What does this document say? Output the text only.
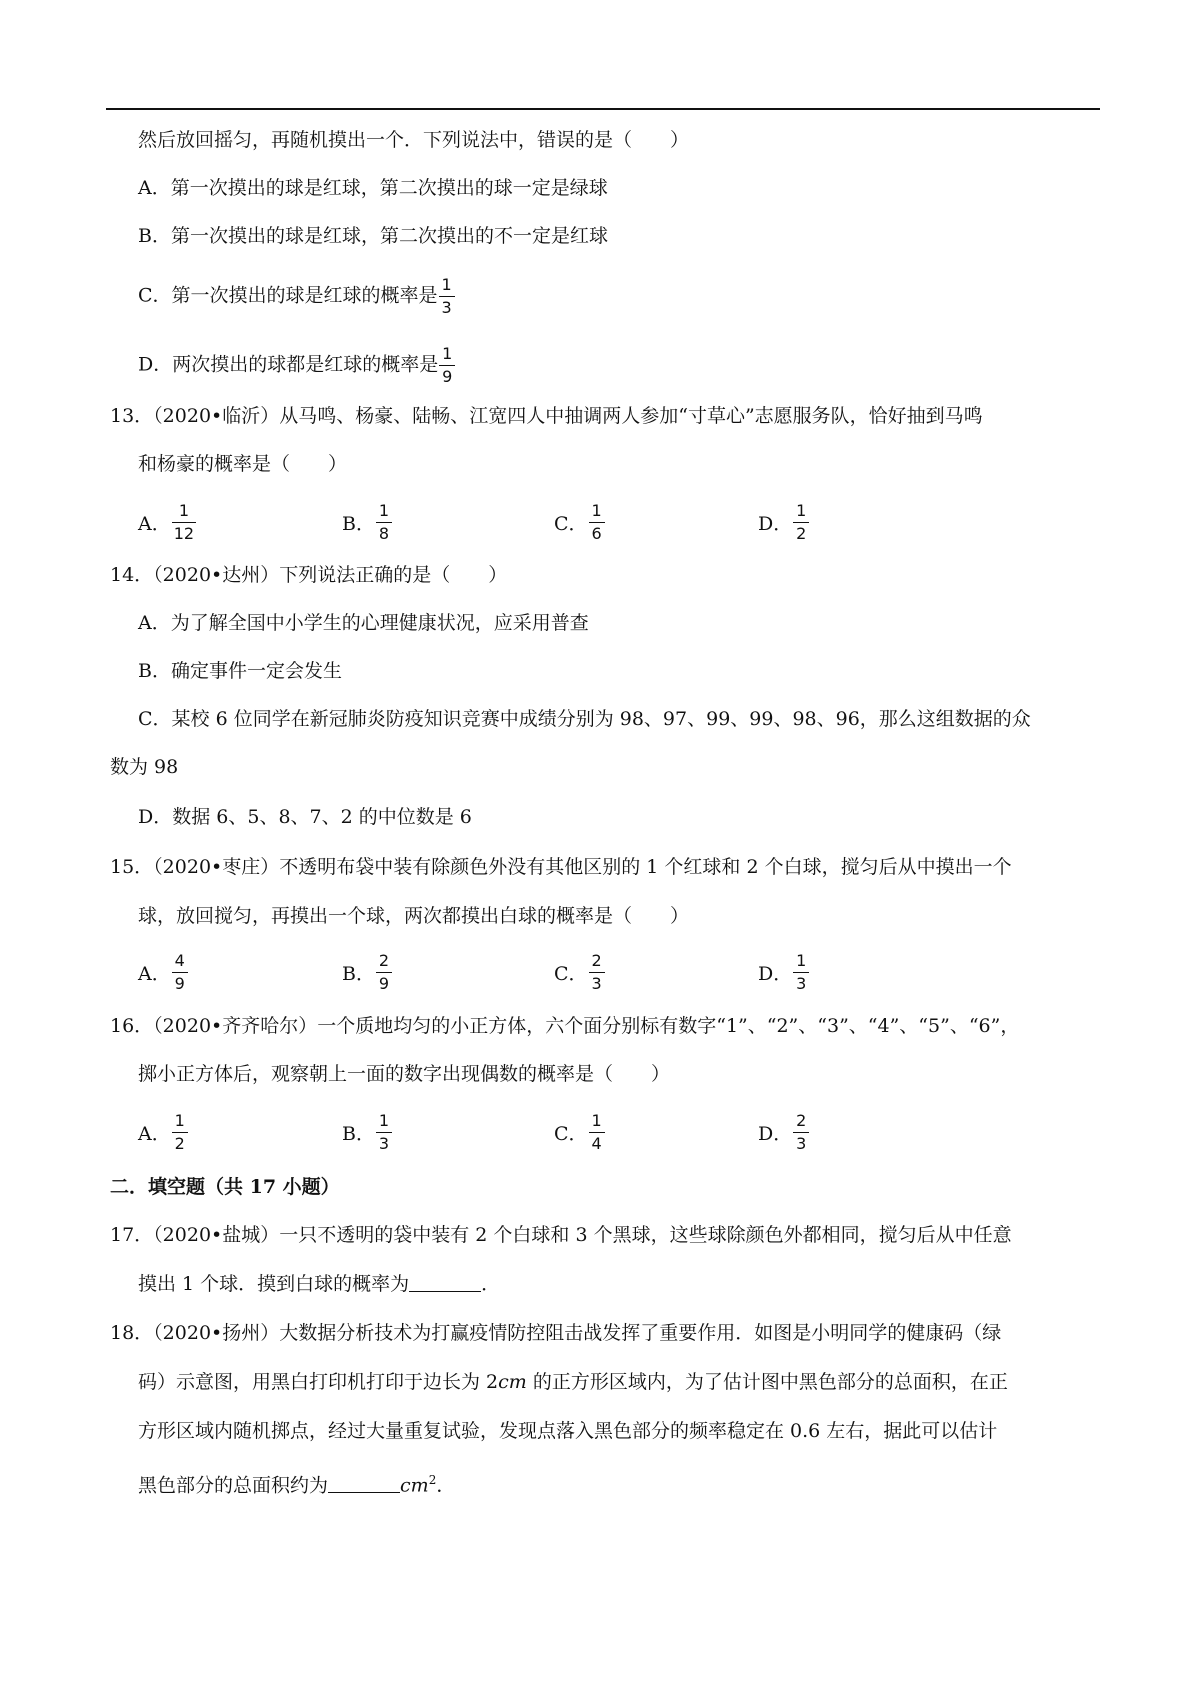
然后放回摇匀，再随机摸出一个．下列说法中，错误的是（　　）
A．第一次摸出的球是红球，第二次摸出的球一定是绿球
B．第一次摸出的球是红球，第二次摸出的不一定是红球
C．第一次摸出的球是红球的概率是 $\frac{1}{3}$
D．两次摸出的球都是红球的概率是 $\frac{1}{9}$
13．（2020•临沂）从马鸣、杨豪、陆畅、江宽四人中抽调两人参加“寸草心”志愿服务队，恰好抽到马鸣
和杨豪的概率是（　　）
A． $\frac{1}{12}$	B． $\frac{1}{8}$	C． $\frac{1}{6}$	D． $\frac{1}{2}$
14．（2020•达州）下列说法正确的是（　　）
A．为了解全国中小学生的心理健康状况，应采用普查
B．确定事件一定会发生
C．某校 6 位同学在新冠肺炎防疫知识竞赛中成绩分别为 98、97、99、99、98、96，那么这组数据的众
数为 98
D．数据 6、5、8、7、2 的中位数是 6
15．（2020•枣庄）不透明布袋中装有除颜色外没有其他区别的 1 个红球和 2 个白球，搅匀后从中摸出一个
球，放回搅匀，再摸出一个球，两次都摸出白球的概率是（　　）
A． $\frac{4}{9}$	B． $\frac{2}{9}$	C． $\frac{2}{3}$	D． $\frac{1}{3}$
16．（2020•齐齐哈尔）一个质地均匀的小正方体，六个面分别标有数字“1”、“2”、“3”、“4”、“5”、“6”，
掷小正方体后，观察朝上一面的数字出现偶数的概率是（　　）
A． $\frac{1}{2}$	B． $\frac{1}{3}$	C． $\frac{1}{4}$	D． $\frac{2}{3}$
二．填空题（共 17 小题）
17．（2020•盐城）一只不透明的袋中装有 2 个白球和 3 个黑球，这些球除颜色外都相同，搅匀后从中任意
摸出 1 个球．摸到白球的概率为	．
18．（2020•扬州）大数据分析技术为打赢疫情防控阻击战发挥了重要作用．如图是小明同学的健康码（绿
码）示意图，用黑白打印机打印于边长为 2cm 的正方形区域内，为了估计图中黑色部分的总面积，在正
方形区域内随机掷点，经过大量重复试验，发现点落入黑色部分的频率稳定在 0.6 左右，据此可以估计
黑色部分的总面积约为	$cm^2$．
